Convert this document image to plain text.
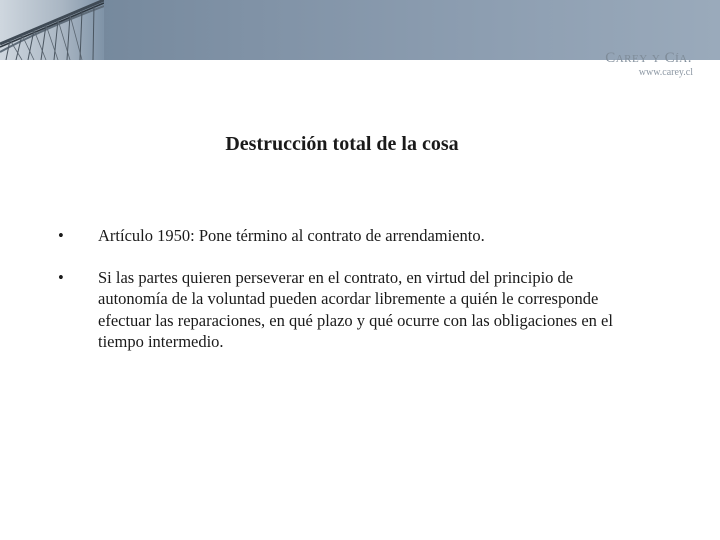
Carey y Cía.
www.carey.cl
Destrucción total de la cosa
•	Artículo 1950: Pone término al contrato de arrendamiento.
•	Si las partes quieren perseverar en el contrato, en virtud del principio de autonomía de la voluntad pueden acordar libremente a quién le corresponde efectuar las reparaciones, en qué plazo y qué ocurre con las obligaciones en el tiempo intermedio.
